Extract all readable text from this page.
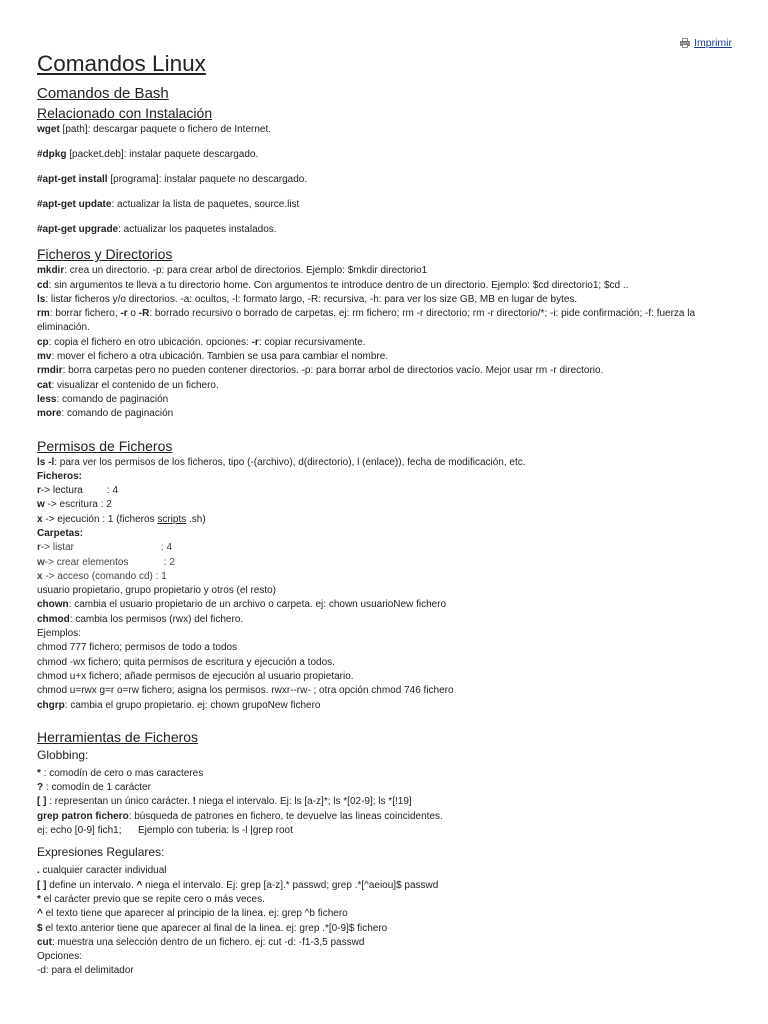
Imprimir
Comandos Linux
Comandos de Bash
Relacionado con Instalación

wget [path]: descargar paquete o fichero de Internet.

#dpkg [packet.deb]: instalar paquete descargado.

#apt-get install [programa]: instalar paquete no descargado.

#apt-get update: actualizar la lista de paquetes, source.list

#apt-get upgrade: actualizar los paquetes instalados.

Ficheros y Directorios

mkdir: crea un directorio. -p: para crear arbol de directorios. Ejemplo: $mkdir directorio1

cd: sin argumentos te lleva a tu directorio home. Con argumentos te introduce dentro de un directorio. Ejemplo: $cd directorio1; $cd ..

ls: listar ficheros y/o directorios. -a: ocultos, -l: formato largo, -R: recursiva, -h: para ver los size GB, MB en lugar de bytes.

rm: borrar fichero, -r o -R: borrado recursivo o borrado de carpetas. ej: rm fichero; rm -r directorio; rm -r directorio/*; -i: pide confirmación; -f: fuerza la eliminación.

cp: copia el fichero en otro ubicación. opciones: -r: copiar recursivamente.

mv: mover el fichero a otra ubicación. Tambien se usa para cambiar el nombre.

rmdir: borra carpetas pero no pueden contener directorios. -p: para borrar arbol de directorios vacío. Mejor usar rm -r directorio.

cat: visualizar el contenido de un fichero.

less: comando de paginación

more: comando de paginación

Permisos de Ficheros

ls -l: para ver los permisos de los ficheros, tipo (-(archivo), d(directorio), l (enlace)), fecha de modificación, etc.

Ficheros:

r-> lectura : 4

w -> escritura : 2

x -> ejecución : 1 (ficheros scripts .sh)

Carpetas:

r-> listar	: 4

w-> crear elementos	: 2

x -> acceso (comando cd) : 1

usuario propietario, grupo propietario y otros (el resto)

chown: cambia el usuario propietario de un archivo o carpeta. ej: chown usuarioNew fichero

chmod: cambia los permisos (rwx) del fichero.

Ejemplos:

chmod 777 fichero; permisos de todo a todos

chmod -wx fichero; quita permisos de escritura y ejecución a todos.

chmod u+x fichero; añade permisos de ejecución al usuario propietario.

chmod u=rwx g=r o=rw fichero; asigna los permisos. rwxr--rw- ; otra opción chmod 746 fichero

chgrp: cambia el grupo propietario. ej: chown grupoNew fichero

Herramientas de Ficheros
Globbing:

* : comodín de cero o mas caracteres

? : comodín de 1 carácter

[ ] : representan un único carácter. ! niega el intervalo. Ej: ls [a-z]*; ls *[02-9]; ls *[!19]

grep patron fichero: búsqueda de patrones en fichero, te devuelve las lineas coincidentes.

ej: echo [0-9] fich1; Ejemplo con tuberia: ls -l |grep root

Expresiones Regulares:

. cualquier caracter individual

[ ] define un intervalo. ^ niega el intervalo. Ej: grep [a-z].* passwd; grep .*[^aeiou]$ passwd

* el carácter previo que se repite cero o más veces.

^ el texto tiene que aparecer al principio de la linea. ej: grep ^b fichero

$ el texto anterior tiene que aparecer al final de la linea. ej: grep .*[0-9]$ fichero

cut: muestra una selección dentro de un fichero. ej: cut -d: -f1-3,5 passwd

Opciones:

-d: para el delimitador
